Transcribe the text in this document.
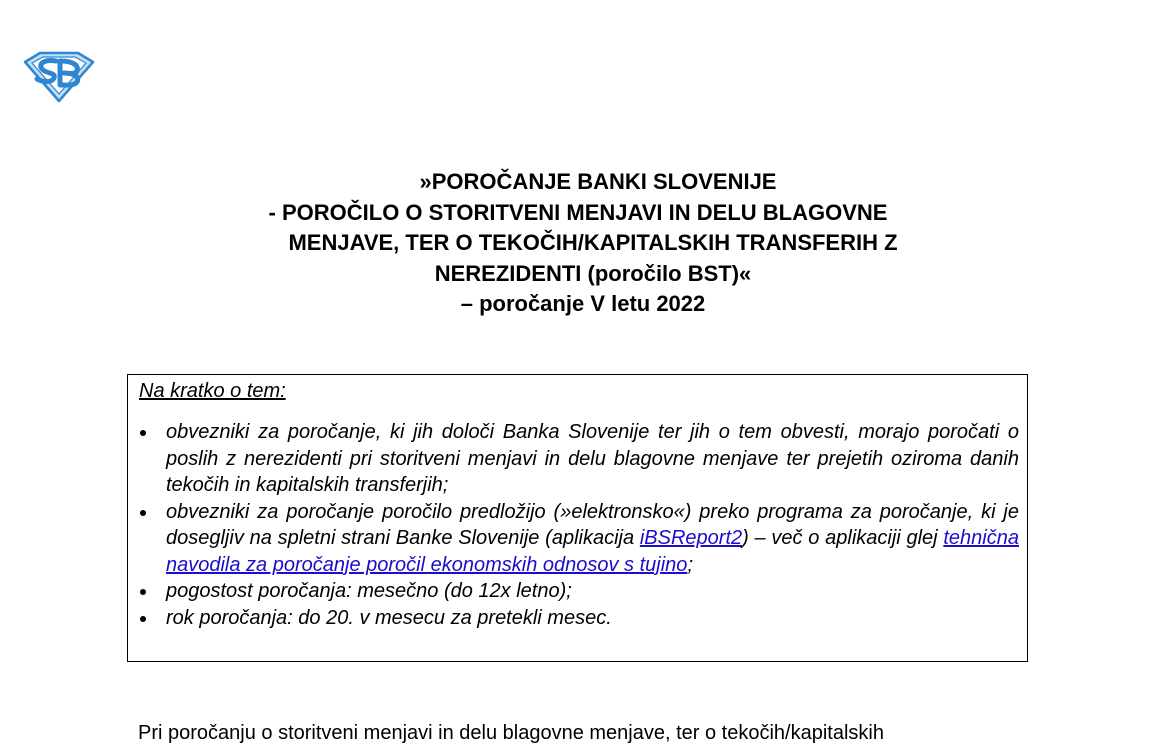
»POROČANJE BANKI SLOVENIJE
- POROČILO O STORITVENI MENJAVI IN DELU BLAGOVNE
MENJAVE, TER O TEKOČIH/KAPITALSKIH TRANSFERIH Z
NEREZIDENTI (poročilo BST)«
– poročanje V letu 2022
Na kratko o tem:
obvezniki za poročanje, ki jih določi Banka Slovenije ter jih o tem obvesti, morajo poročati o poslih z nerezidenti pri storitveni menjavi in delu blagovne menjave ter prejetih oziroma danih tekočih in kapitalskih transferjih;
obvezniki za poročanje poročilo predložijo (»elektronsko«) preko programa za poročanje, ki je dosegljiv na spletni strani Banke Slovenije (aplikacija iBSReport2) – več o aplikaciji glej tehnična navodila za poročanje poročil ekonomskih odnosov s tujino;
pogostost poročanja: mesečno (do 12x letno);
rok poročanja: do 20. v mesecu za pretekli mesec.

Pri poročanju o storitveni menjavi in delu blagovne menjave, ter o tekočih/kapitalskih
